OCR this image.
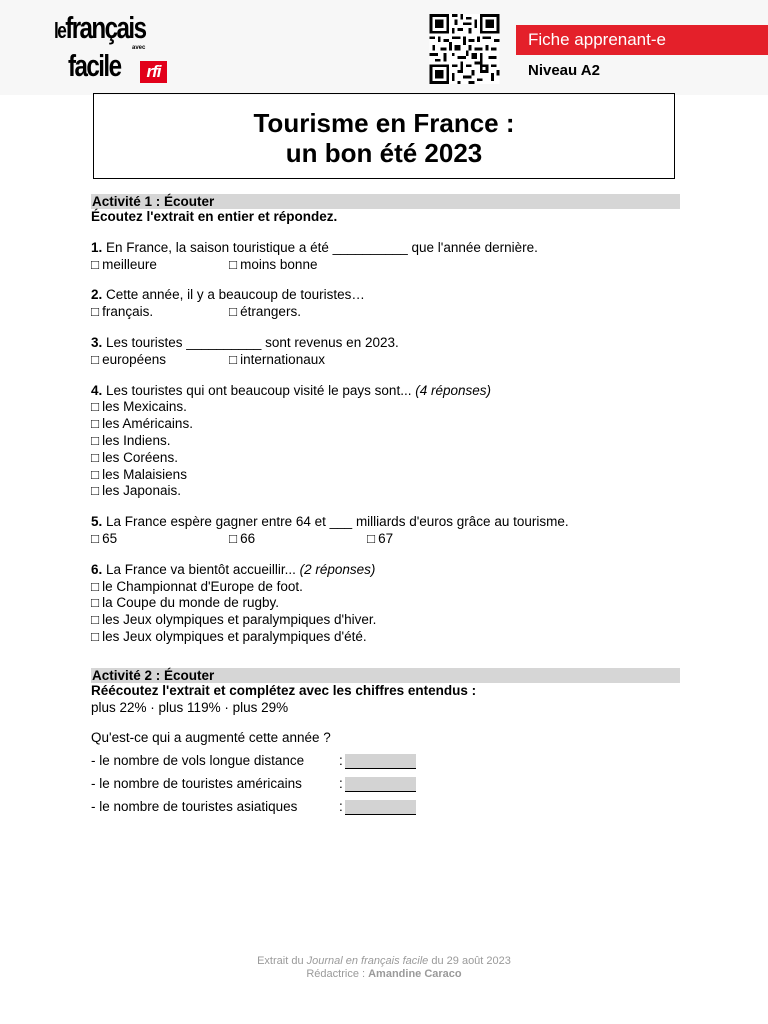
lefrançais
avec
facile	rfi
Fiche apprenant-e
Niveau A2
Tourisme en France :
un bon été 2023
Activité 1 : Écouter
Écoutez l'extrait en entier et répondez.
1. En France, la saison touristique a été __________ que l'année dernière.
□ meilleure	□ moins bonne
2. Cette année, il y a beaucoup de touristes…
□ français.	□ étrangers.
3. Les touristes __________ sont revenus en 2023.
□ européens	□ internationaux
4. Les touristes qui ont beaucoup visité le pays sont... (4 réponses)
□ les Mexicains.
□ les Américains.
□ les Indiens.
□ les Coréens.
□ les Malaisiens
□ les Japonais.
5. La France espère gagner entre 64 et ___ milliards d'euros grâce au tourisme.
□ 65	□ 66	□ 67
6. La France va bientôt accueillir... (2 réponses)
□ le Championnat d'Europe de foot.
□ la Coupe du monde de rugby.
□ les Jeux olympiques et paralympiques d'hiver.
□ les Jeux olympiques et paralympiques d'été.
Activité 2 : Écouter
Réécoutez l'extrait et complétez avec les chiffres entendus :
plus 22% · plus 119% · plus 29%
Qu'est-ce qui a augmenté cette année ?
- le nombre de vols longue distance	:
- le nombre de touristes américains	:
- le nombre de touristes asiatiques	:
Extrait du Journal en français facile du 29 août 2023
Rédactrice : Amandine Caraco
